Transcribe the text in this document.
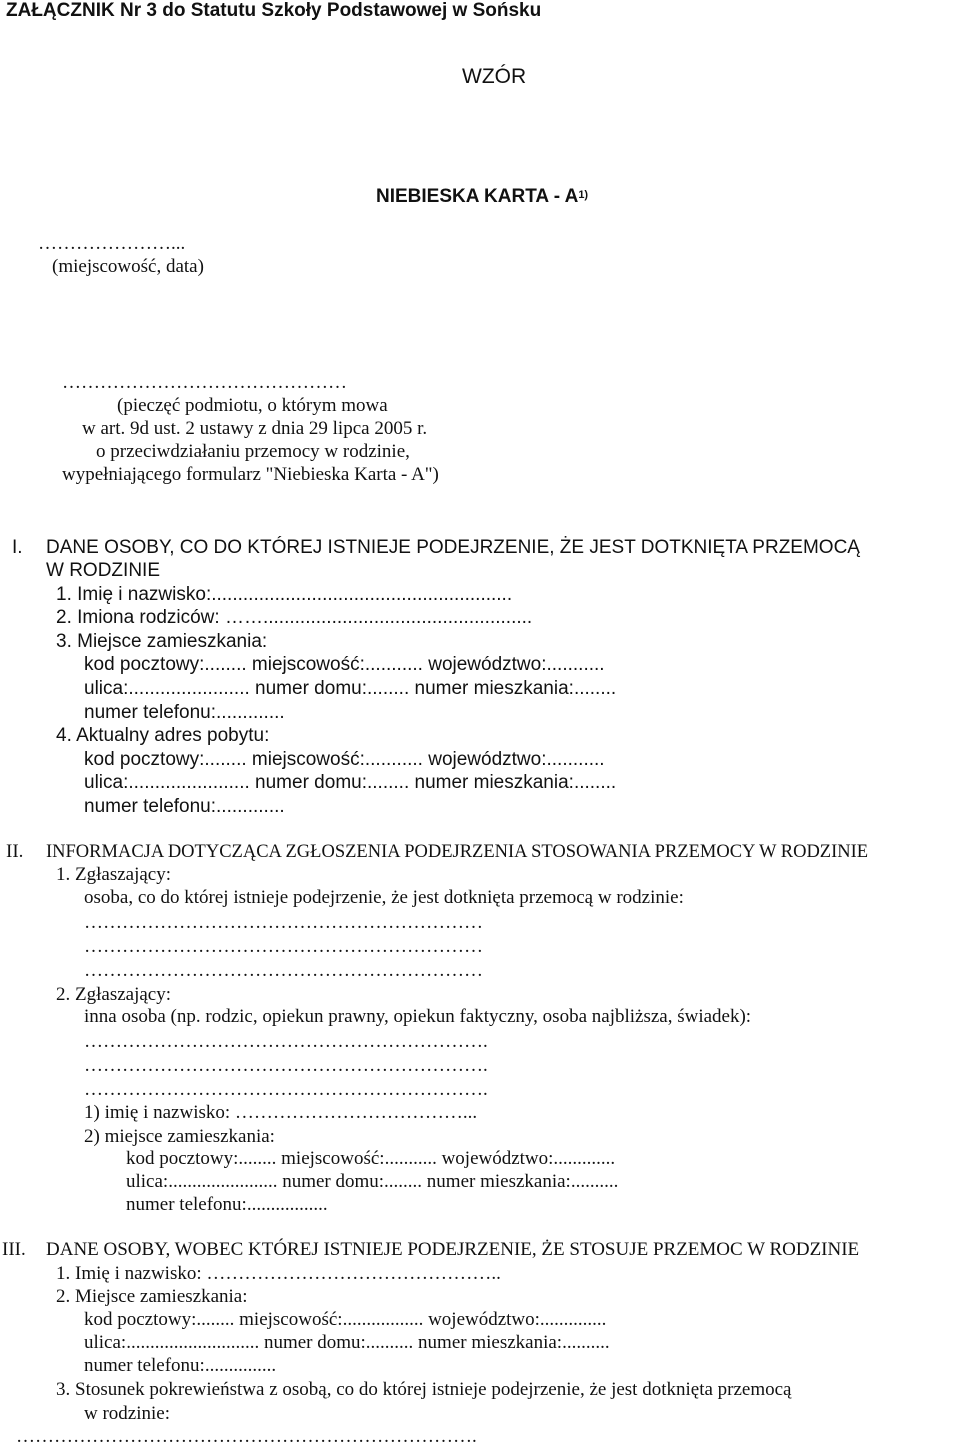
ZAŁĄCZNIK Nr 3 do Statutu Szkoły Podstawowej w Sońsku
WZÓR
NIEBIESKA KARTA - $A^{1)}$
…………………...
(miejscowość, data)
………………………………………
(pieczęć podmiotu, o którym mowa
w art. 9d ust. 2 ustawy z dnia 29 lipca 2005 r.
o przeciwdziałaniu przemocy w rodzinie,
wypełniającego formularz "Niebieska Karta - A")
I. DANE OSOBY, CO DO KTÓREJ ISTNIEJE PODEJRZENIE, ŻE JEST DOTKNIĘTA PRZEMOCĄ
W RODZINIE
1. Imię i nazwisko:.........................................................
2. Imiona rodziców: ……...................................................
3. Miejsce zamieszkania:
kod pocztowy:........ miejscowość:........... województwo:...........
ulica:....................... numer domu:........ numer mieszkania:........
numer telefonu:.............
4. Aktualny adres pobytu:
kod pocztowy:........ miejscowość:........... województwo:...........
ulica:....................... numer domu:........ numer mieszkania:........
numer telefonu:.............
II. INFORMACJA DOTYCZĄCA ZGŁOSZENIA PODEJRZENIA STOSOWANIA PRZEMOCY W RODZINIE
1. Zgłaszający:
osoba, co do której istnieje podejrzenie, że jest dotknięta przemocą w rodzinie:
………………………………………………………
………………………………………………………
………………………………………………………
2. Zgłaszający:
inna osoba (np. rodzic, opiekun prawny, opiekun faktyczny, osoba najbliższa, świadek):
……………………………………………………….
……………………………………………………….
……………………………………………………….
1) imię i nazwisko: ………………………………...
2) miejsce zamieszkania:
kod pocztowy:........ miejscowość:........... województwo:.............
ulica:....................... numer domu:........ numer mieszkania:..........
numer telefonu:.................
III. DANE OSOBY, WOBEC KTÓREJ ISTNIEJE PODEJRZENIE, ŻE STOSUJE PRZEMOC W RODZINIE
1. Imię i nazwisko: ………………………………………..
2. Miejsce zamieszkania:
kod pocztowy:........ miejscowość:................. województwo:..............
ulica:............................ numer domu:.......... numer mieszkania:..........
numer telefonu:...............
3. Stosunek pokrewieństwa z osobą, co do której istnieje podejrzenie, że jest dotknięta przemocą
w rodzinie:
……………………………………………………………….
